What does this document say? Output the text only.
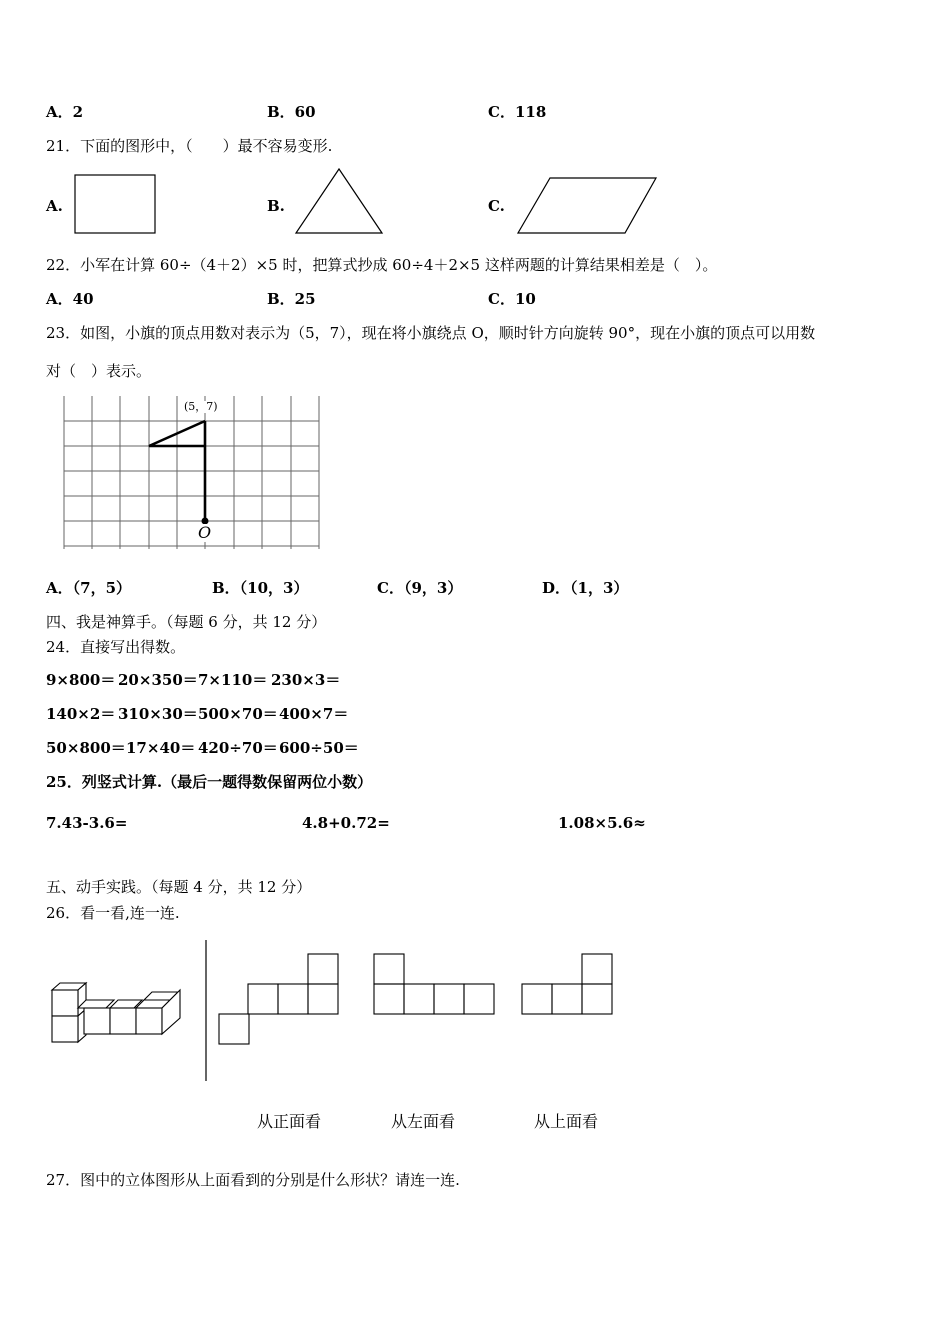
A．2	B．60	C．118
21．下面的图形中，（　　）最不容易变形.
A.	B.	C.
22．小军在计算 60÷（4＋2）×5 时，把算式抄成 60÷4＋2×5 这样两题的计算结果相差是（　）。
A．40	B．25	C．10
23．如图，小旗的顶点用数对表示为（5，7），现在将小旗绕点 O，顺时针方向旋转 90°，现在小旗的顶点可以用数
对（　）表示。
(5，7)
O
A．（7，5）	B．（10，3）	C．（9，3）	D．（1，3）
四、我是神算手。（每题 6 分，共 12 分）
24．直接写出得数。
9×800＝ 20×350＝ 7×110＝ 230×3＝
140×2＝ 310×30＝ 500×70＝ 400×7＝
50×800＝ 17×40＝ 420÷70＝ 600÷50＝
25．列竖式计算.（最后一题得数保留两位小数）
7.43-3.6=	4.8+0.72=	1.08×5.6≈
五、动手实践。（每题 4 分，共 12 分）
26．看一看,连一连.
从正面看	从左面看	从上面看
27．图中的立体图形从上面看到的分别是什么形状？请连一连.
